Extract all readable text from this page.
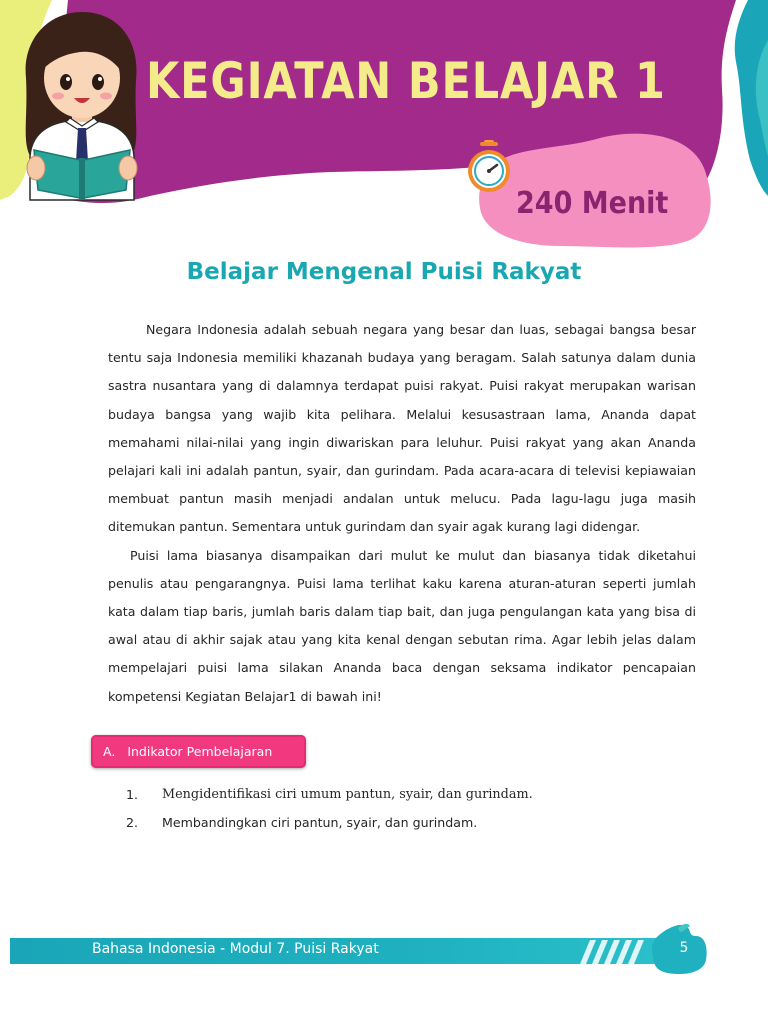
KEGIATAN BELAJAR 1
240 Menit
Belajar Mengenal Puisi Rakyat

Negara Indonesia adalah sebuah negara yang besar dan luas, sebagai bangsa besar tentu saja Indonesia memiliki khazanah budaya yang beragam. Salah satunya dalam dunia sastra nusantara yang di dalamnya terdapat puisi rakyat. Puisi rakyat merupakan warisan budaya bangsa yang wajib kita pelihara. Melalui kesusastraan lama, Ananda dapat memahami nilai-nilai yang ingin diwariskan para leluhur. Puisi rakyat yang akan Ananda pelajari kali ini adalah pantun, syair, dan gurindam. Pada acara-acara di televisi kepiawaian membuat pantun masih menjadi andalan untuk melucu. Pada lagu-lagu juga masih ditemukan pantun. Sementara untuk gurindam dan syair agak kurang lagi didengar.

Puisi lama biasanya disampaikan dari mulut ke mulut dan biasanya tidak diketahui penulis atau pengarangnya. Puisi lama terlihat kaku karena aturan-aturan seperti jumlah kata dalam tiap baris, jumlah baris dalam tiap bait, dan juga pengulangan kata yang bisa di awal atau di akhir sajak atau yang kita kenal dengan sebutan rima. Agar lebih jelas dalam mempelajari puisi lama silakan Ananda baca dengan seksama indikator pencapaian kompetensi Kegiatan Belajar1 di bawah ini!

A. Indikator Pembelajaran
1.	Mengidentifikasi ciri umum pantun, syair, dan gurindam.
2.	Membandingkan ciri pantun, syair, dan gurindam.
Bahasa Indonesia - Modul 7. Puisi Rakyat	5
